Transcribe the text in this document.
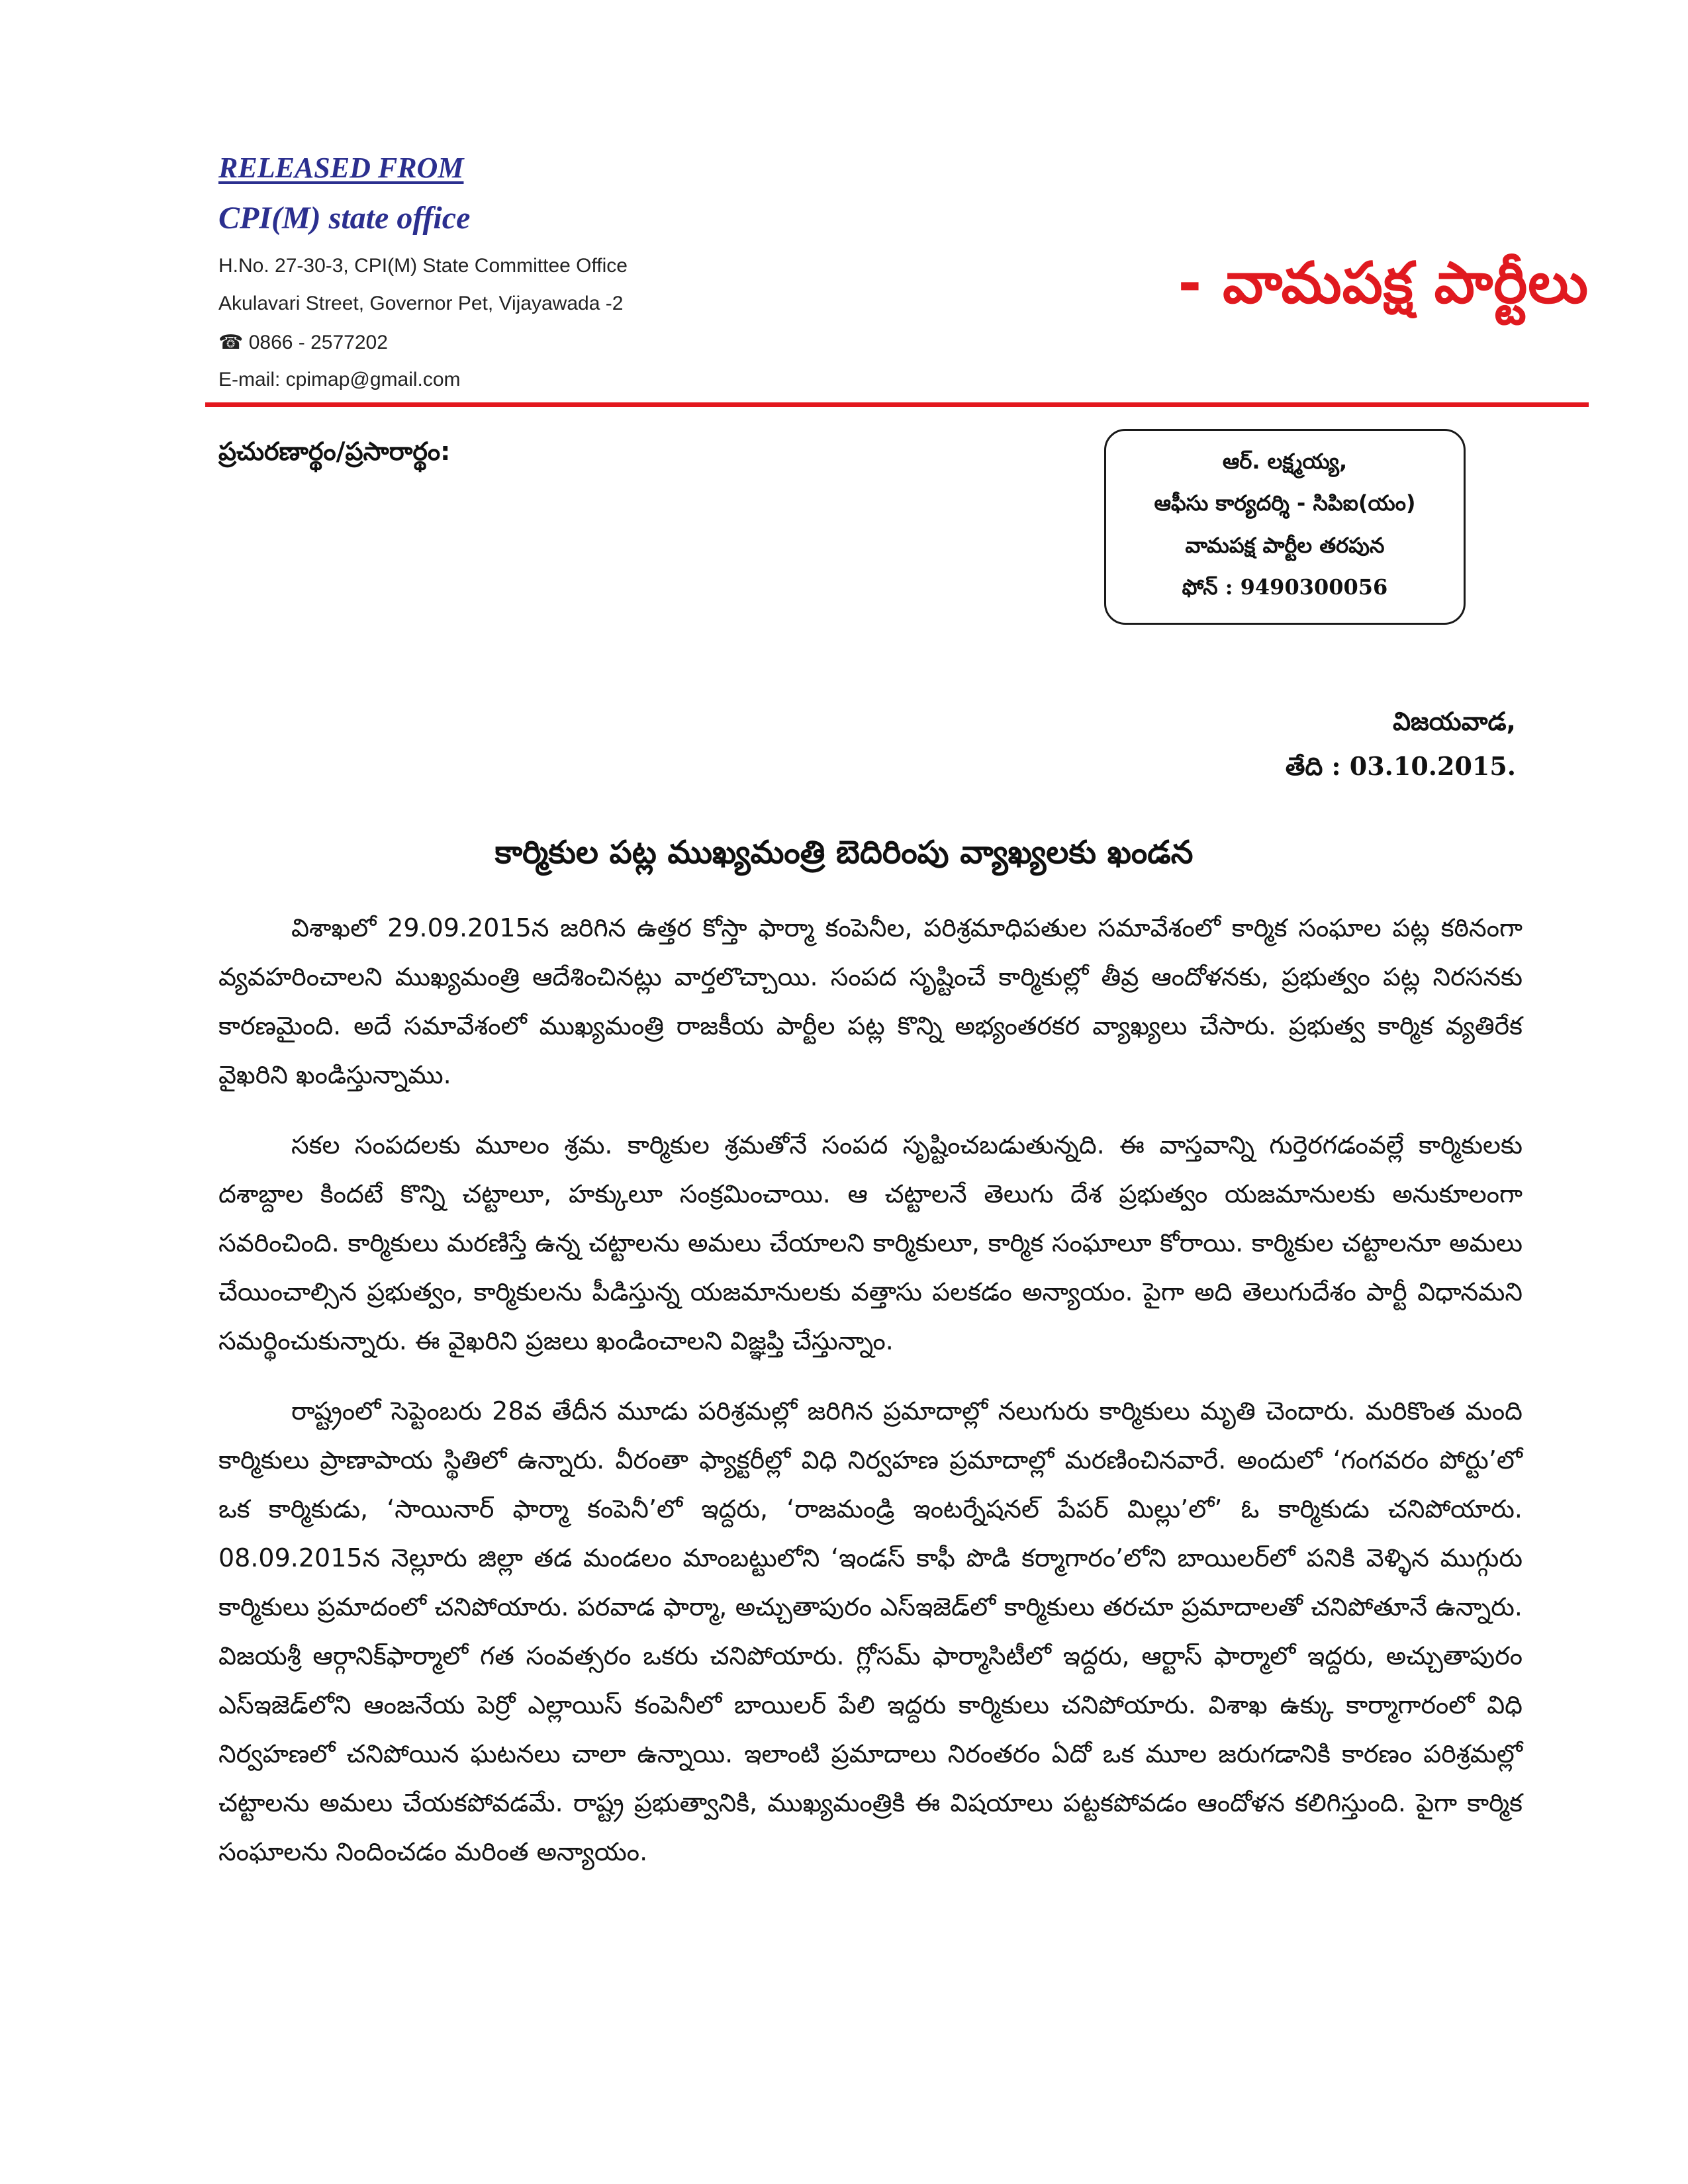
RELEASED FROM
CPI(M) state office
H.No. 27-30-3, CPI(M) State Committee Office
Akulavari Street, Governor Pet, Vijayawada -2
☎ 0866 - 2577202
E-mail: cpimap@gmail.com
- వామపక్ష పార్టీలు
ప్రచురణార్థం/ప్రసారార్థం:	ఆర్. లక్ష్మయ్య,
ఆఫీసు కార్యదర్శి - సిపిఐ(యం)
వామపక్ష పార్టీల తరపున
ఫోన్ : 9490300056
విజయవాడ,
తేది : 03.10.2015.
కార్మికుల పట్ల ముఖ్యమంత్రి బెదిరింపు వ్యాఖ్యలకు ఖండన

విశాఖలో 29.09.2015న జరిగిన ఉత్తర కోస్తా ఫార్మా కంపెనీల, పరిశ్రమాధిపతుల సమావేశంలో కార్మిక సంఘాల పట్ల కఠినంగా వ్యవహరించాలని ముఖ్యమంత్రి ఆదేశించినట్లు వార్తలొచ్చాయి. సంపద సృష్టించే కార్మికుల్లో తీవ్ర ఆందోళనకు, ప్రభుత్వం పట్ల నిరసనకు కారణమైంది. అదే సమావేశంలో ముఖ్యమంత్రి రాజకీయ పార్టీల పట్ల కొన్ని అభ్యంతరకర వ్యాఖ్యలు చేసారు. ప్రభుత్వ కార్మిక వ్యతిరేక వైఖరిని ఖండిస్తున్నాము.

సకల సంపదలకు మూలం శ్రమ. కార్మికుల శ్రమతోనే సంపద సృష్టించబడుతున్నది. ఈ వాస్తవాన్ని గుర్తెరగడంవల్లే కార్మికులకు దశాబ్దాల కిందటే కొన్ని చట్టాలూ, హక్కులూ సంక్రమించాయి. ఆ చట్టాలనే తెలుగు దేశ ప్రభుత్వం యజమానులకు అనుకూలంగా సవరించింది. కార్మికులు మరణిస్తే ఉన్న చట్టాలను అమలు చేయాలని కార్మికులూ, కార్మిక సంఘాలూ కోరాయి. కార్మికుల చట్టాలనూ అమలు చేయించాల్సిన ప్రభుత్వం, కార్మికులను పీడిస్తున్న యజమానులకు వత్తాసు పలకడం అన్యాయం. పైగా అది తెలుగుదేశం పార్టీ విధానమని సమర్థించుకున్నారు. ఈ వైఖరిని ప్రజలు ఖండించాలని విజ్ఞప్తి చేస్తున్నాం.

రాష్ట్రంలో సెప్టెంబరు 28వ తేదీన మూడు పరిశ్రమల్లో జరిగిన ప్రమాదాల్లో నలుగురు కార్మికులు మృతి చెందారు. మరికొంత మంది కార్మికులు ప్రాణాపాయ స్థితిలో ఉన్నారు. వీరంతా ఫ్యాక్టరీల్లో విధి నిర్వహణ ప్రమాదాల్లో మరణించినవారే. అందులో ‘గంగవరం పోర్టు’లో ఒక కార్మికుడు, ‘సాయినార్ ఫార్మా కంపెనీ’లో ఇద్దరు, ‘రాజమండ్రి ఇంటర్నేషనల్ పేపర్ మిల్లు’లో’ ఓ కార్మికుడు చనిపోయారు. 08.09.2015న నెల్లూరు జిల్లా తడ మండలం మాంబట్టులోని ‘ఇండస్ కాఫీ పొడి కర్మాగారం’లోని బాయిలర్‌లో పనికి వెళ్ళిన ముగ్గురు కార్మికులు ప్రమాదంలో చనిపోయారు. పరవాడ ఫార్మా, అచ్చుతాపురం ఎస్ఇజెడ్‌లో కార్మికులు తరచూ ప్రమాదాలతో చనిపోతూనే ఉన్నారు. విజయశ్రీ ఆర్గానిక్‌ఫార్మాలో గత సంవత్సరం ఒకరు చనిపోయారు. గ్లోసమ్ ఫార్మాసిటీలో ఇద్దరు, ఆర్టాస్ ఫార్మాలో ఇద్దరు, అచ్చుతాపురం ఎస్ఇజెడ్‌లోని ఆంజనేయ పెర్రో ఎల్లాయిస్ కంపెనీలో బాయిలర్ పేలి ఇద్దరు కార్మికులు చనిపోయారు. విశాఖ ఉక్కు కార్మాగారంలో విధి నిర్వహణలో చనిపోయిన ఘటనలు చాలా ఉన్నాయి. ఇలాంటి ప్రమాదాలు నిరంతరం ఏదో ఒక మూల జరుగడానికి కారణం పరిశ్రమల్లో చట్టాలను అమలు చేయకపోవడమే. రాష్ట్ర ప్రభుత్వానికి, ముఖ్యమంత్రికి ఈ విషయాలు పట్టకపోవడం ఆందోళన కలిగిస్తుంది. పైగా కార్మిక సంఘాలను నిందించడం మరింత అన్యాయం.
